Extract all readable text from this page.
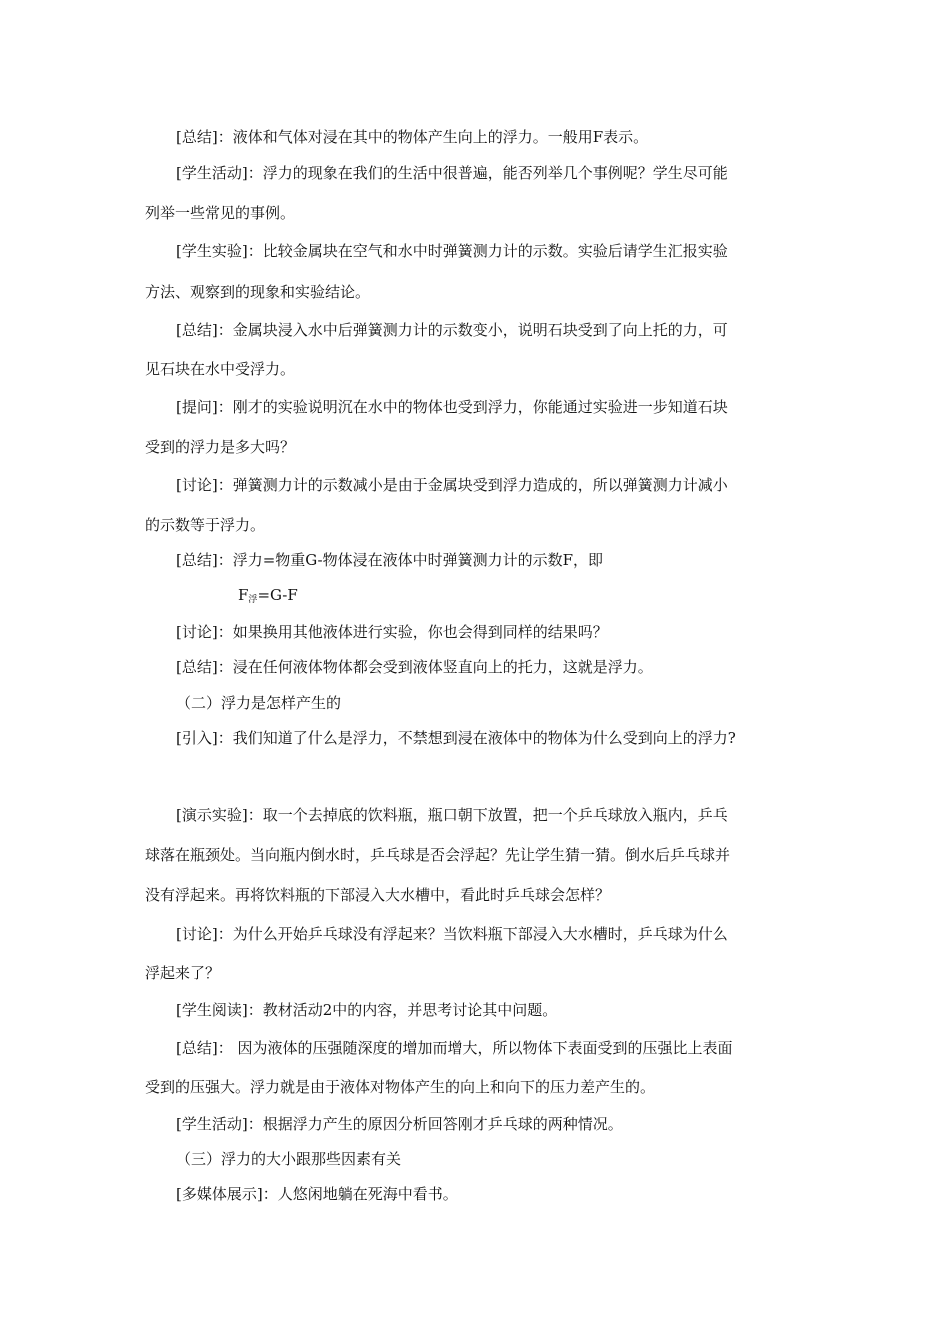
[总结]：液体和气体对浸在其中的物体产生向上的浮力。一般用F表示。
[学生活动]：浮力的现象在我们的生活中很普遍，能否列举几个事例呢？学生尽可能
列举一些常见的事例。
[学生实验]：比较金属块在空气和水中时弹簧测力计的示数。实验后请学生汇报实验
方法、观察到的现象和实验结论。
[总结]：金属块浸入水中后弹簧测力计的示数变小，说明石块受到了向上托的力，可
见石块在水中受浮力。
[提问]：刚才的实验说明沉在水中的物体也受到浮力，你能通过实验进一步知道石块
受到的浮力是多大吗？
[讨论]：弹簧测力计的示数减小是由于金属块受到浮力造成的，所以弹簧测力计减小
的示数等于浮力。
[总结]：浮力=物重G-物体浸在液体中时弹簧测力计的示数F，即
$F_浮=G-F$
[讨论]：如果换用其他液体进行实验，你也会得到同样的结果吗？
[总结]：浸在任何液体物体都会受到液体竖直向上的托力，这就是浮力。
（二）浮力是怎样产生的
[引入]：我们知道了什么是浮力，不禁想到浸在液体中的物体为什么受到向上的浮力?
[演示实验]：取一个去掉底的饮料瓶，瓶口朝下放置，把一个乒乓球放入瓶内，乒乓
球落在瓶颈处。当向瓶内倒水时，乒乓球是否会浮起？先让学生猜一猜。倒水后乒乓球并
没有浮起来。再将饮料瓶的下部浸入大水槽中，看此时乒乓球会怎样？
[讨论]：为什么开始乒乓球没有浮起来？当饮料瓶下部浸入大水槽时，乒乓球为什么
浮起来了？
[学生阅读]：教材活动2中的内容，并思考讨论其中问题。
[总结]： 因为液体的压强随深度的增加而增大，所以物体下表面受到的压强比上表面
受到的压强大。浮力就是由于液体对物体产生的向上和向下的压力差产生的。
[学生活动]：根据浮力产生的原因分析回答刚才乒乓球的两种情况。
（三）浮力的大小跟那些因素有关
[多媒体展示]：人悠闲地躺在死海中看书。
